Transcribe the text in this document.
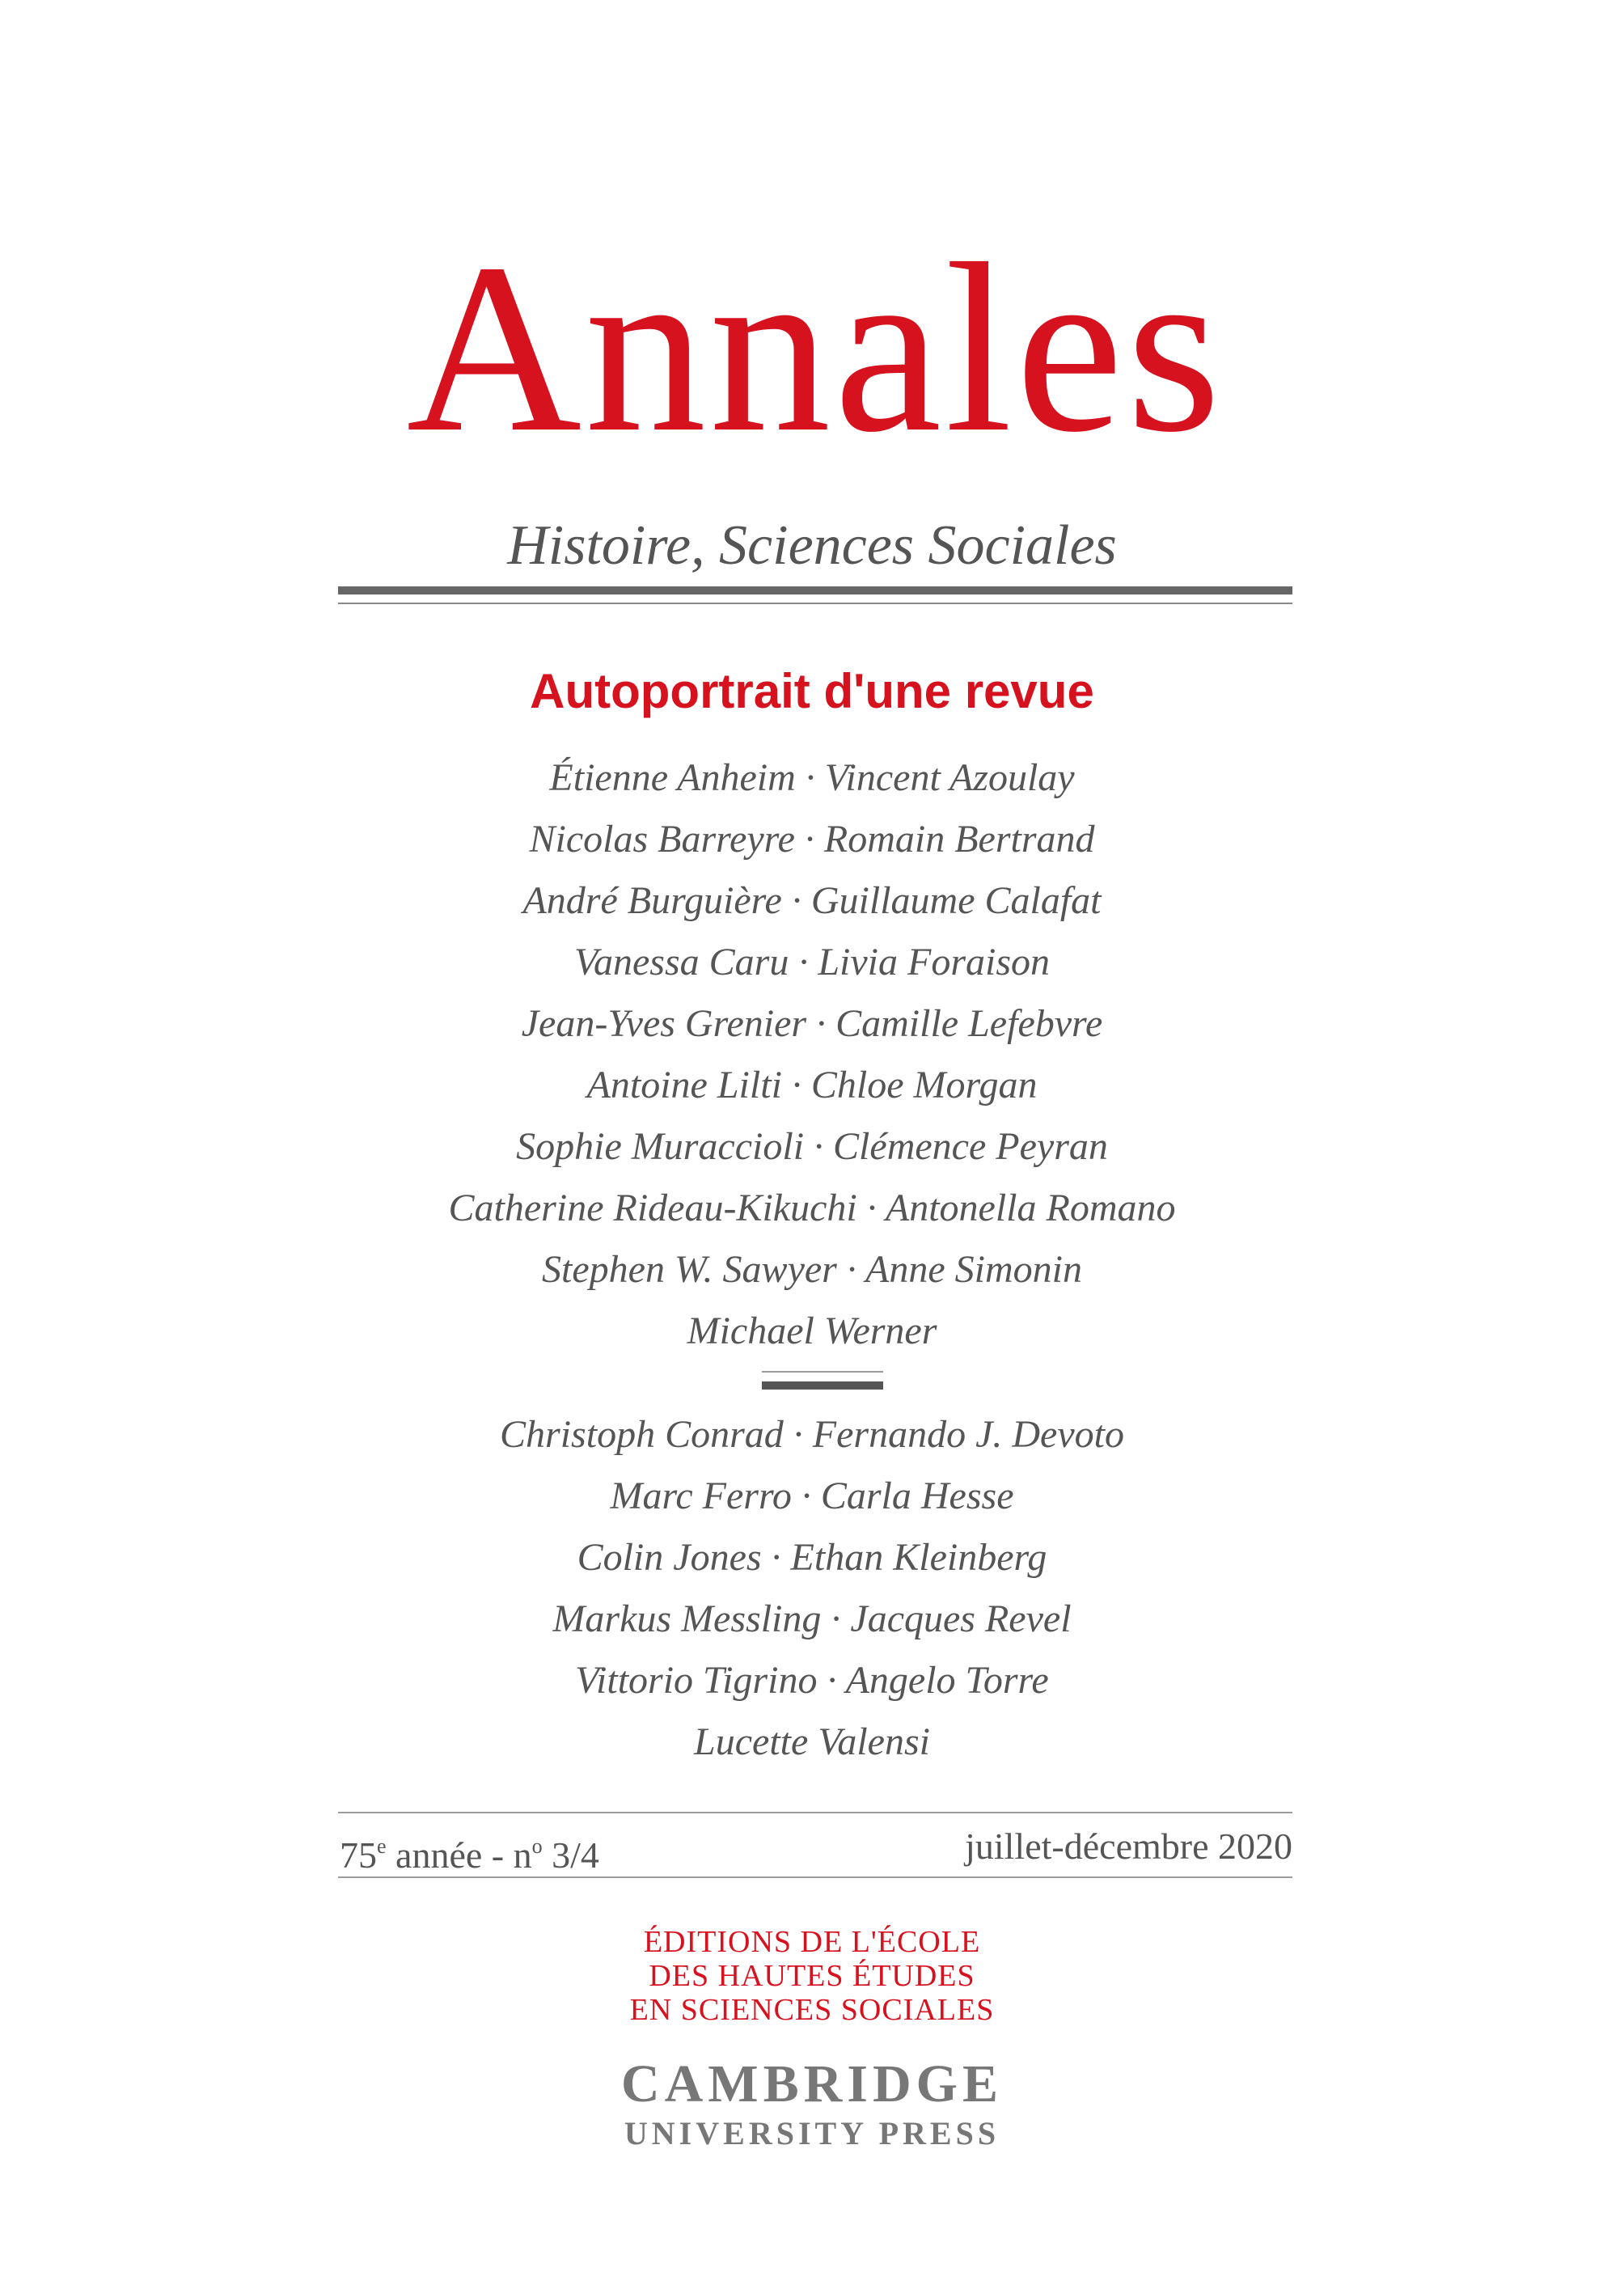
Annales
Histoire, Sciences Sociales
Autoportrait d'une revue
Étienne Anheim · Vincent Azoulay
Nicolas Barreyre · Romain Bertrand
André Burguière · Guillaume Calafat
Vanessa Caru · Livia Foraison
Jean-Yves Grenier · Camille Lefebvre
Antoine Lilti · Chloe Morgan
Sophie Muraccioli · Clémence Peyran
Catherine Rideau-Kikuchi · Antonella Romano
Stephen W. Sawyer · Anne Simonin
Michael Werner
Christoph Conrad · Fernando J. Devoto
Marc Ferro · Carla Hesse
Colin Jones · Ethan Kleinberg
Markus Messling · Jacques Revel
Vittorio Tigrino · Angelo Torre
Lucette Valensi
75e année - $n^o$ 3/4	juillet-décembre 2020
ÉDITIONS DE L'ÉCOLE
DES HAUTES ÉTUDES
EN SCIENCES SOCIALES
CAMBRIDGE
UNIVERSITY PRESS
